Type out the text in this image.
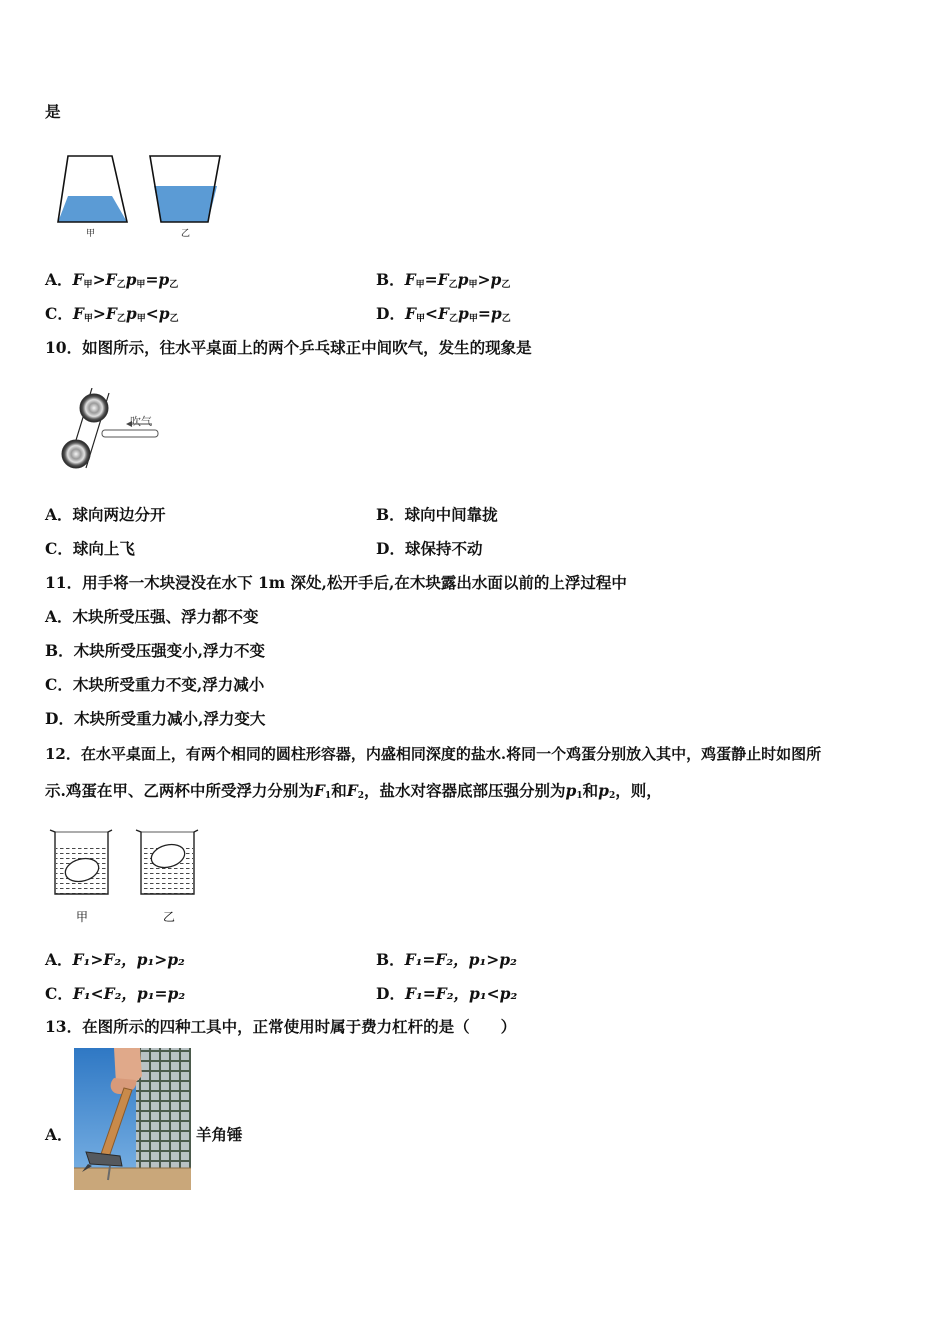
是
甲	乙
A．$F_甲>F_乙p_甲=p_乙$	B．$F_甲=F_乙p_甲>p_乙$
C．$F_甲>F_乙p_甲<p_乙$	D．$F_甲<F_乙p_甲=p_乙$
10．如图所示，往水平桌面上的两个乒乓球正中间吹气，发生的现象是
吹气
A．球向两边分开	B．球向中间靠拢
C．球向上飞	D．球保持不动
11．用手将一木块浸没在水下 1m 深处,松开手后,在木块露出水面以前的上浮过程中
A．木块所受压强、浮力都不变
B．木块所受压强变小,浮力不变
C．木块所受重力不变,浮力减小
D．木块所受重力减小,浮力变大
12．在水平桌面上，有两个相同的圆柱形容器，内盛相同深度的盐水.将同一个鸡蛋分别放入其中，鸡蛋静止时如图所
示.鸡蛋在甲、乙两杯中所受浮力分别为$F_1$和$F_2$，盐水对容器底部压强分别为$p_1$和$p_2$，则，
甲	乙
A．F₁>F₂，p₁>p₂	B．F₁=F₂，p₁>p₂
C．F₁<F₂，p₁=p₂	D．F₁=F₂，p₁<p₂
13．在图所示的四种工具中，正常使用时属于费力杠杆的是（　　）
A．	羊角锤
